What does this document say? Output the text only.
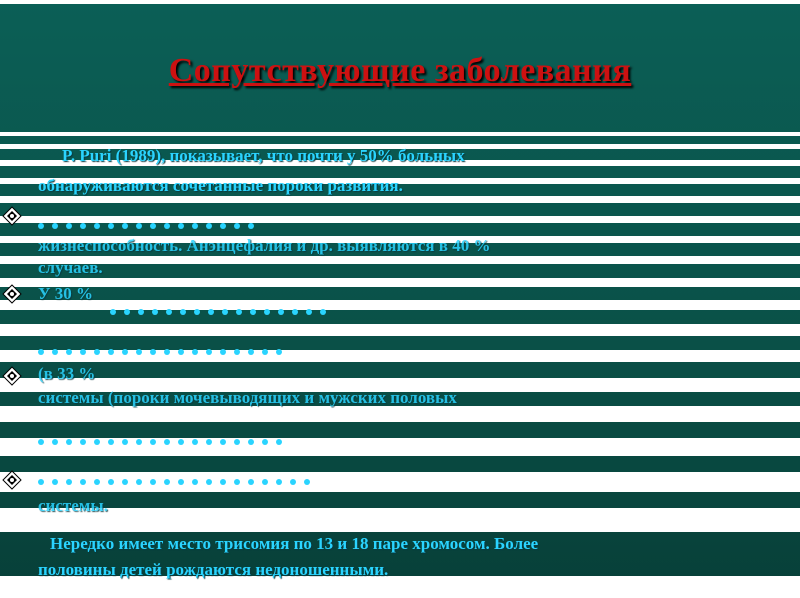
Сопутствующие заболевания
P. Puri (1989), показывает, что почти у 50% больных
обнаруживаются сочетанные пороки развития.
жизнеспособность. Анэнцефалия и др. выявляются в 40 %
случаев.
У 30 %
(в 33 %
системы (пороки мочевыводящих и мужских половых
системы.
Нередко имеет место трисомия по 13 и 18 паре хромосом. Более
половины детей рождаются недоношенными.
